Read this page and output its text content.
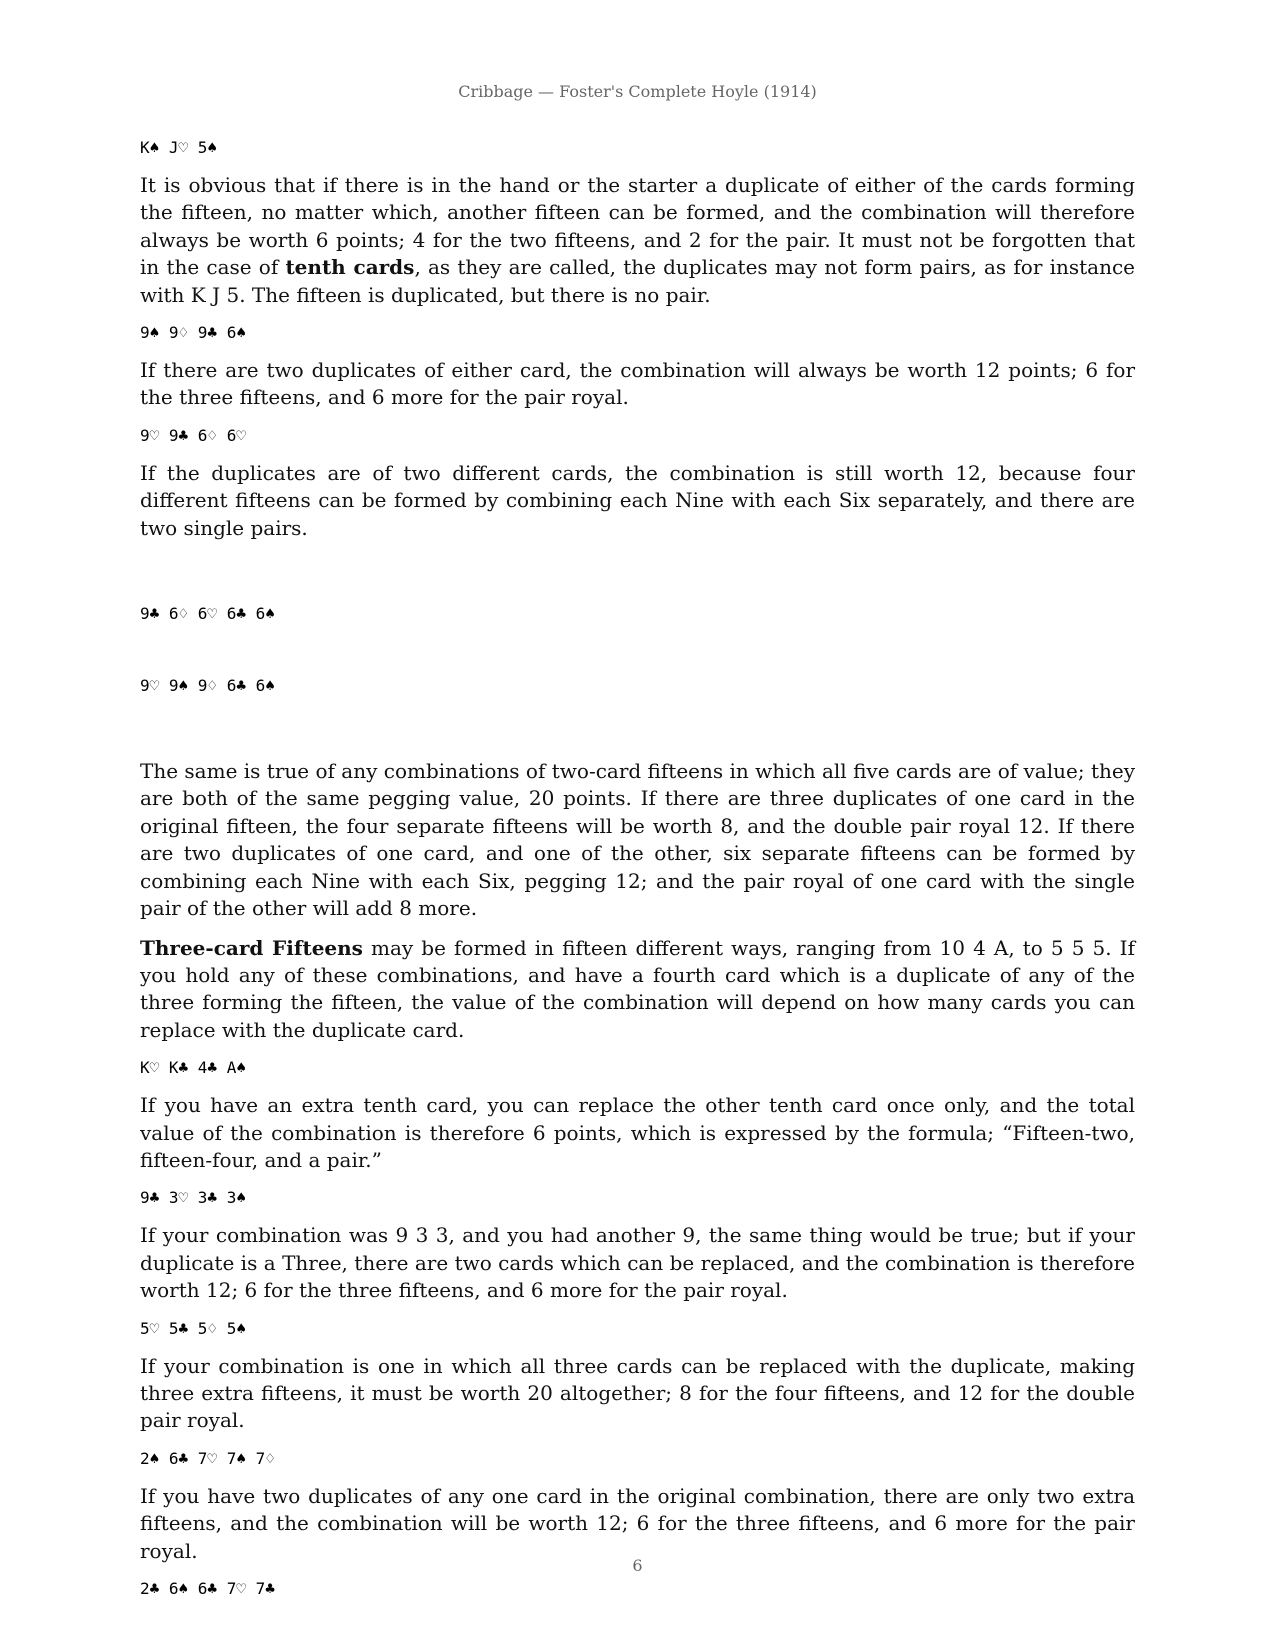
Cribbage — Foster's Complete Hoyle (1914)
K♠ J♡ 5♠

It is obvious that if there is in the hand or the starter a duplicate of either of the cards forming the fifteen, no matter which, another fifteen can be formed, and the combination will therefore always be worth 6 points; 4 for the two fifteens, and 2 for the pair. It must not be forgotten that in the case of tenth cards, as they are called, the duplicates may not form pairs, as for instance with K J 5. The fifteen is duplicated, but there is no pair.

9♠ 9♢ 9♣ 6♠

If there are two duplicates of either card, the combination will always be worth 12 points; 6 for the three fifteens, and 6 more for the pair royal.

9♡ 9♣ 6♢ 6♡

If the duplicates are of two different cards, the combination is still worth 12, because four different fifteens can be formed by combining each Nine with each Six separately, and there are two single pairs.

9♣ 6♢ 6♡ 6♣ 6♠

9♡ 9♠ 9♢ 6♣ 6♠

The same is true of any combinations of two-card fifteens in which all five cards are of value; they are both of the same pegging value, 20 points. If there are three duplicates of one card in the original fifteen, the four separate fifteens will be worth 8, and the double pair royal 12. If there are two duplicates of one card, and one of the other, six separate fifteens can be formed by combining each Nine with each Six, pegging 12; and the pair royal of one card with the single pair of the other will add 8 more.

Three-card Fifteens may be formed in fifteen different ways, ranging from 10 4 A, to 5 5 5. If you hold any of these combinations, and have a fourth card which is a duplicate of any of the three forming the fifteen, the value of the combination will depend on how many cards you can replace with the duplicate card.

K♡ K♣ 4♣ A♠

If you have an extra tenth card, you can replace the other tenth card once only, and the total value of the combination is therefore 6 points, which is expressed by the formula; “Fifteen-two, fifteen-four, and a pair.”

9♣ 3♡ 3♣ 3♠

If your combination was 9 3 3, and you had another 9, the same thing would be true; but if your duplicate is a Three, there are two cards which can be replaced, and the combination is therefore worth 12; 6 for the three fifteens, and 6 more for the pair royal.

5♡ 5♣ 5♢ 5♠

If your combination is one in which all three cards can be replaced with the duplicate, making three extra fifteens, it must be worth 20 altogether; 8 for the four fifteens, and 12 for the double pair royal.

2♠ 6♣ 7♡ 7♠ 7♢

If you have two duplicates of any one card in the original combination, there are only two extra fifteens, and the combination will be worth 12; 6 for the three fifteens, and 6 more for the pair royal.

2♣ 6♠ 6♣ 7♡ 7♣
6
